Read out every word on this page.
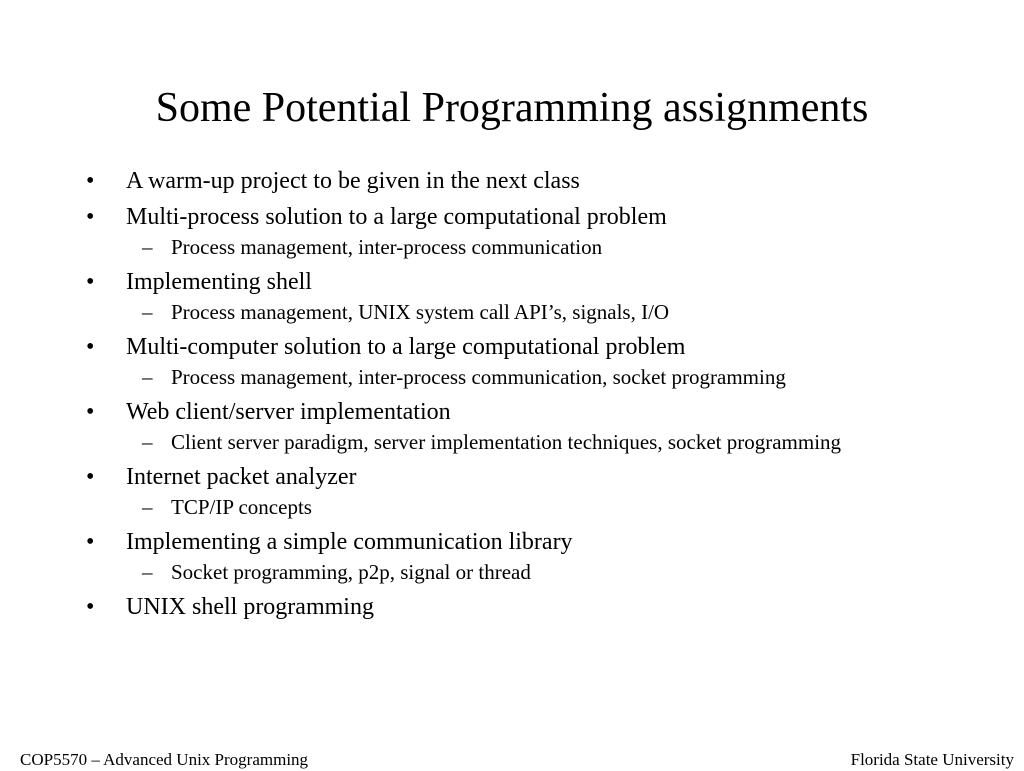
Some Potential Programming assignments
• A warm-up project to be given in the next class
• Multi-process solution to a large computational problem
– Process management, inter-process communication
• Implementing shell
– Process management, UNIX system call API’s, signals, I/O
• Multi-computer solution to a large computational problem
– Process management, inter-process communication, socket programming
• Web client/server implementation
– Client server paradigm, server implementation techniques, socket programming
• Internet packet analyzer
– TCP/IP concepts
• Implementing a simple communication library
– Socket programming, p2p, signal or thread
• UNIX shell programming
COP5570 – Advanced Unix Programming	Florida State University
